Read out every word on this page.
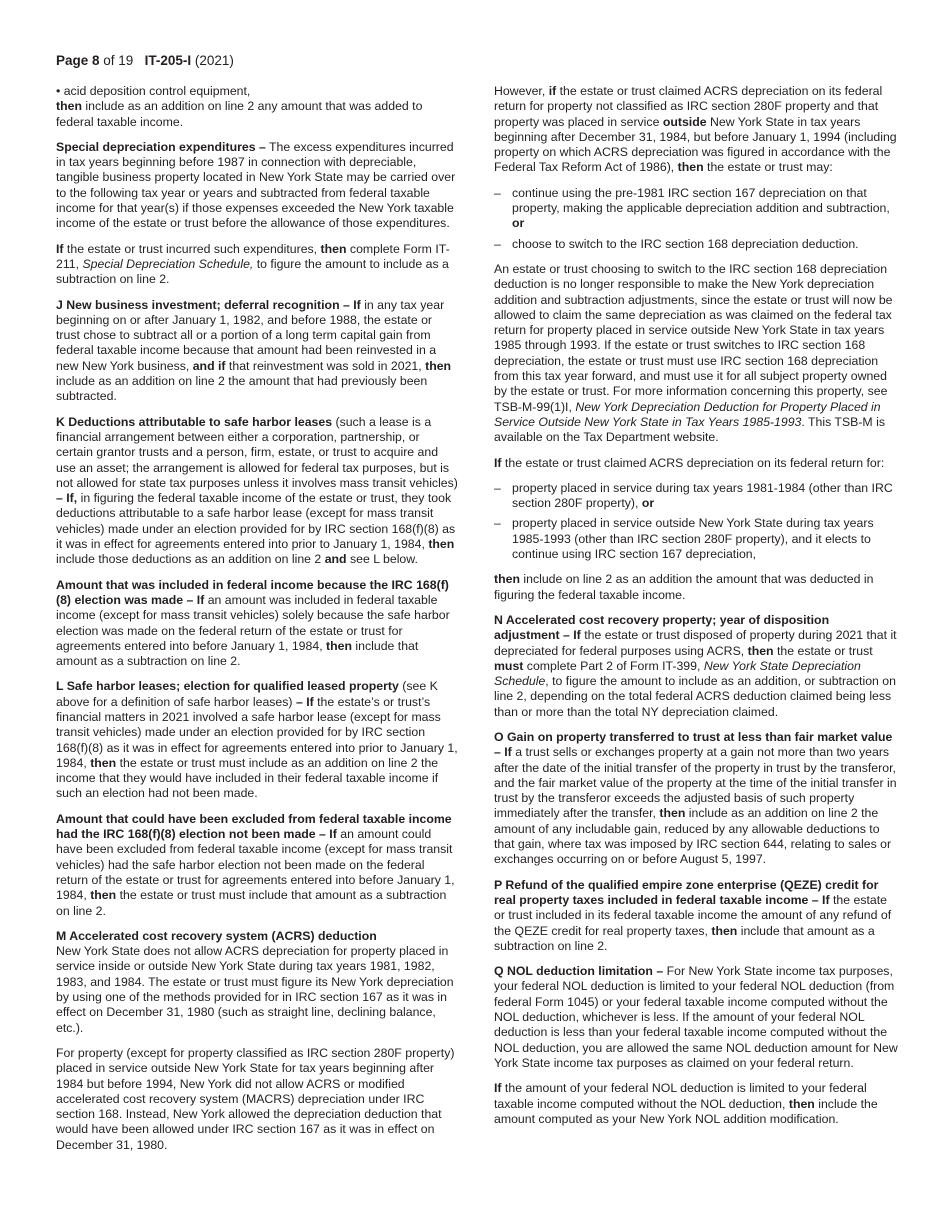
Page 8 of 19 IT-205-I (2021)

• acid deposition control equipment,

then include as an addition on line 2 any amount that was added to federal taxable income.

Special depreciation expenditures – The excess expenditures incurred in tax years beginning before 1987 in connection with depreciable, tangible business property located in New York State may be carried over to the following tax year or years and subtracted from federal taxable income for that year(s) if those expenses exceeded the New York taxable income of the estate or trust before the allowance of those expenditures.

If the estate or trust incurred such expenditures, then complete Form IT-211, Special Depreciation Schedule, to figure the amount to include as a subtraction on line 2.

J New business investment; deferral recognition – If in any tax year beginning on or after January 1, 1982, and before 1988, the estate or trust chose to subtract all or a portion of a long term capital gain from federal taxable income because that amount had been reinvested in a new New York business, and if that reinvestment was sold in 2021, then include as an addition on line 2 the amount that had previously been subtracted.

K Deductions attributable to safe harbor leases (such a lease is a financial arrangement between either a corporation, partnership, or certain grantor trusts and a person, firm, estate, or trust to acquire and use an asset; the arrangement is allowed for federal tax purposes, but is not allowed for state tax purposes unless it involves mass transit vehicles) – If, in figuring the federal taxable income of the estate or trust, they took deductions attributable to a safe harbor lease (except for mass transit vehicles) made under an election provided for by IRC section 168(f)(8) as it was in effect for agreements entered into prior to January 1, 1984, then include those deductions as an addition on line 2 and see L below.

Amount that was included in federal income because the IRC 168(f)(8) election was made – If an amount was included in federal taxable income (except for mass transit vehicles) solely because the safe harbor election was made on the federal return of the estate or trust for agreements entered into before January 1, 1984, then include that amount as a subtraction on line 2.

L Safe harbor leases; election for qualified leased property (see K above for a definition of safe harbor leases) – If the estate’s or trust’s financial matters in 2021 involved a safe harbor lease (except for mass transit vehicles) made under an election provided for by IRC section 168(f)(8) as it was in effect for agreements entered into prior to January 1, 1984, then the estate or trust must include as an addition on line 2 the income that they would have included in their federal taxable income if such an election had not been made.

Amount that could have been excluded from federal taxable income had the IRC 168(f)(8) election not been made – If an amount could have been excluded from federal taxable income (except for mass transit vehicles) had the safe harbor election not been made on the federal return of the estate or trust for agreements entered into before January 1, 1984, then the estate or trust must include that amount as a subtraction on line 2.

M Accelerated cost recovery system (ACRS) deduction
New York State does not allow ACRS depreciation for property placed in service inside or outside New York State during tax years 1981, 1982, 1983, and 1984. The estate or trust must figure its New York depreciation by using one of the methods provided for in IRC section 167 as it was in effect on December 31, 1980 (such as straight line, declining balance, etc.).

For property (except for property classified as IRC section 280F property) placed in service outside New York State for tax years beginning after 1984 but before 1994, New York did not allow ACRS or modified accelerated cost recovery system (MACRS) depreciation under IRC section 168. Instead, New York allowed the depreciation deduction that would have been allowed under IRC section 167 as it was in effect on December 31, 1980.

However, if the estate or trust claimed ACRS depreciation on its federal return for property not classified as IRC section 280F property and that property was placed in service outside New York State in tax years beginning after December 31, 1984, but before January 1, 1994 (including property on which ACRS depreciation was figured in accordance with the Federal Tax Reform Act of 1986), then the estate or trust may:

– continue using the pre-1981 IRC section 167 depreciation on that property, making the applicable depreciation addition and subtraction, or
– choose to switch to the IRC section 168 depreciation deduction.

An estate or trust choosing to switch to the IRC section 168 depreciation deduction is no longer responsible to make the New York depreciation addition and subtraction adjustments, since the estate or trust will now be allowed to claim the same depreciation as was claimed on the federal tax return for property placed in service outside New York State in tax years 1985 through 1993. If the estate or trust switches to IRC section 168 depreciation, the estate or trust must use IRC section 168 depreciation from this tax year forward, and must use it for all subject property owned by the estate or trust. For more information concerning this property, see TSB-M-99(1)I, New York Depreciation Deduction for Property Placed in Service Outside New York State in Tax Years 1985-1993. This TSB-M is available on the Tax Department website.

If the estate or trust claimed ACRS depreciation on its federal return for:

– property placed in service during tax years 1981-1984 (other than IRC section 280F property), or
– property placed in service outside New York State during tax years 1985-1993 (other than IRC section 280F property), and it elects to continue using IRC section 167 depreciation,

then include on line 2 as an addition the amount that was deducted in figuring the federal taxable income.

N Accelerated cost recovery property; year of disposition adjustment – If the estate or trust disposed of property during 2021 that it depreciated for federal purposes using ACRS, then the estate or trust must complete Part 2 of Form IT-399, New York State Depreciation Schedule, to figure the amount to include as an addition, or subtraction on line 2, depending on the total federal ACRS deduction claimed being less than or more than the total NY depreciation claimed.

O Gain on property transferred to trust at less than fair market value – If a trust sells or exchanges property at a gain not more than two years after the date of the initial transfer of the property in trust by the transferor, and the fair market value of the property at the time of the initial transfer in trust by the transferor exceeds the adjusted basis of such property immediately after the transfer, then include as an addition on line 2 the amount of any includable gain, reduced by any allowable deductions to that gain, where tax was imposed by IRC section 644, relating to sales or exchanges occurring on or before August 5, 1997.

P Refund of the qualified empire zone enterprise (QEZE) credit for real property taxes included in federal taxable income – If the estate or trust included in its federal taxable income the amount of any refund of the QEZE credit for real property taxes, then include that amount as a subtraction on line 2.

Q NOL deduction limitation – For New York State income tax purposes, your federal NOL deduction is limited to your federal NOL deduction (from federal Form 1045) or your federal taxable income computed without the NOL deduction, whichever is less. If the amount of your federal NOL deduction is less than your federal taxable income computed without the NOL deduction, you are allowed the same NOL deduction amount for New York State income tax purposes as claimed on your federal return.

If the amount of your federal NOL deduction is limited to your federal taxable income computed without the NOL deduction, then include the amount computed as your New York NOL addition modification.
